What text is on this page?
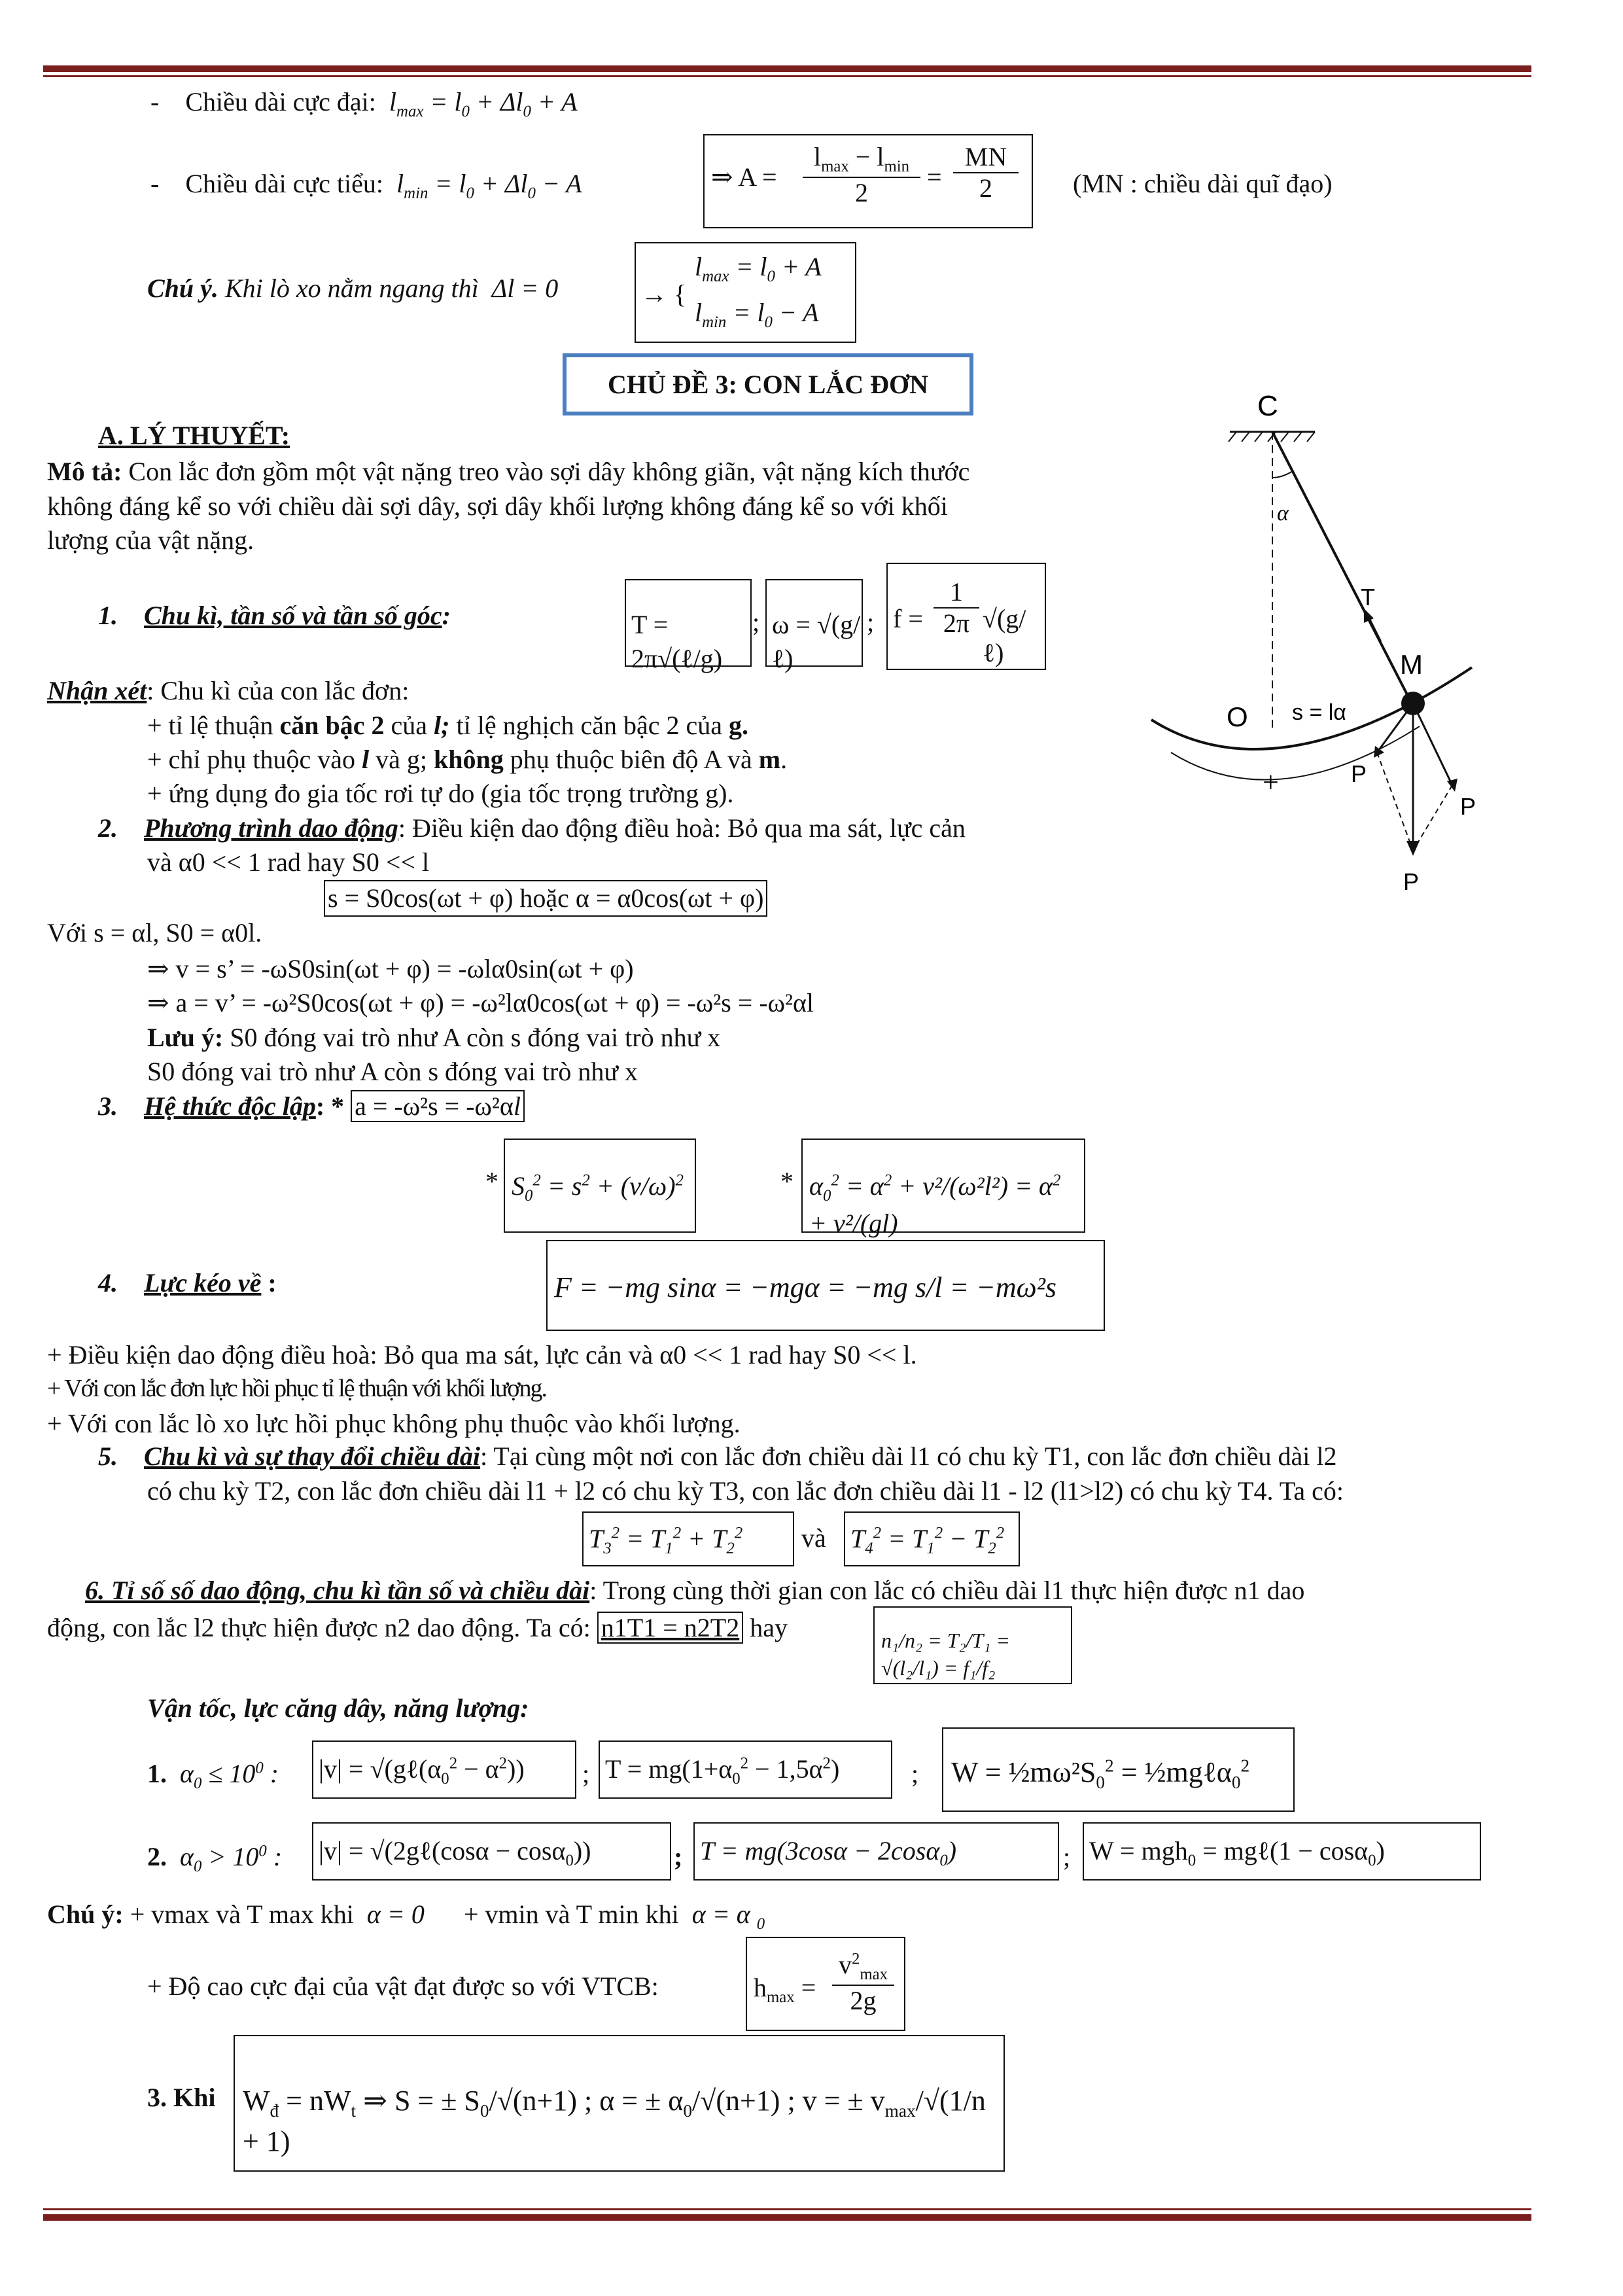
-    Chiều dài cực đại:  $l_{max} = l_0 + \Delta l_0 + A$
-    Chiều dài cực tiểu:  $l_{min} = l_0 + \Delta l_0 - A$	⇒ A =
$l_{max} - l_{min}$
2
= $\frac{MN}{2} (MN$ : chiều dài quĩ đạo)
Chú ý. Khi lò xo nằm ngang thì  Δl = 0	→ {
$l_{max} = l_0 + A$
$l_{min} = l_0 - A$
CHỦ ĐỀ 3: CON LẮC ĐƠN
A. LÝ THUYẾT:
Mô tả: Con lắc đơn gồm một vật nặng treo vào sợi dây không giãn, vật nặng kích thước
không đáng kể so với chiều dài sợi dây, sợi dây khối lượng không đáng kể so với khối
lượng của vật nặng.
1. Chu kì, tần số và tần số góc:	T = 2π√(ℓ/g)
; ω = √(g/ℓ)
; $f = \frac{1}{2\pi}$ √(g/ℓ)
Nhận xét: Chu kì của con lắc đơn:
+ tỉ lệ thuận căn bậc 2 của l; tỉ lệ nghịch căn bậc 2 của g.
+ chỉ phụ thuộc vào l và g; không phụ thuộc biên độ A và m.
+ ứng dụng đo gia tốc rơi tự do (gia tốc trọng trường g).
2. Phương trình dao động: Điều kiện dao động điều hoà: Bỏ qua ma sát, lực cản
và α0 << 1 rad hay S0 << l
s = S0cos(ωt + φ) hoặc α = α0cos(ωt + φ)
Với s = αl, S0 = α0l.
⇒ v = s’ = -ωS0sin(ωt + φ) = -ωlα0sin(ωt + φ)
⇒ a = v’ = -ω²S0cos(ωt + φ) = -ω²lα0cos(ωt + φ) = -ω²s = -ω²αl
Lưu ý: S0 đóng vai trò như A còn s đóng vai trò như x
S0 đóng vai trò như A còn s đóng vai trò như x
3. Hệ thức độc lập: * a = -ω²s = -ω²αl
* $S_0^2 = s^2 + (v/\omega)^2$	* $\alpha_0^2 = \alpha^2 + v^2/(\omega^2l^2) = \alpha^2 + v^2/(gl)$
4. Lực kéo về :	F = −mg sinα = −mgα = −mg s/l = −mω²s
+ Điều kiện dao động điều hoà: Bỏ qua ma sát, lực cản và α0 << 1 rad hay S0 << l.
+ Với con lắc đơn lực hồi phục tỉ lệ thuận với khối lượng.
+ Với con lắc lò xo lực hồi phục không phụ thuộc vào khối lượng.
5. Chu kì và sự thay đổi chiều dài: Tại cùng một nơi con lắc đơn chiều dài l1 có chu kỳ T1, con lắc đơn chiều dài l2
có chu kỳ T2, con lắc đơn chiều dài l1 + l2 có chu kỳ T3, con lắc đơn chiều dài l1 - l2 (l1>l2) có chu kỳ T4. Ta có:
$T_3^2 = T_1^2 + T_2^2$ và $T_4^2 = T_1^2 - T_2^2$
6. Tỉ số số dao động, chu kì tần số và chiều dài: Trong cùng thời gian con lắc có chiều dài l1 thực hiện được n1 dao
động, con lắc l2 thực hiện được n2 dao động. Ta có: n1T1 = n2T2 hay	n₁/n₂ = T₂/T₁ = √(l₂/l₁) = f₁/f₂
Vận tốc, lực căng dây, năng lượng:
1.  $\alpha_0 \le 10^0$ : $|v| = √(g\ell(\alpha_0^2 - \alpha^2))$ ; $T = mg(1+\alpha_0^2 - 1,5\alpha^2)$	; $W = \frac{1}{2}m\omega^2S_0^2$ = ½mgℓα$_0^2$
2.  $\alpha_0 > 10^0$ : |v| = √(2gℓ(cosα − cosα$_0$))	; T = mg(3cosα − 2cosα$_0$)	; W = mgh$_0$ = mgℓ(1 − cosα$_0$)
Chú ý: + vmax và T max khi  α = 0 + vmin và T min khi  α = α $_0$
+ Độ cao cực đại của vật đạt được so với VTCB:	$h_{max}$ =
$v^2_{max}$
2g
3. Khi $W_đ = nW_t$ ⇒ S = ± $S_0/√(n+1)$ ; α = ± $\alpha_0/√(n+1)$ ; v = ± $v_{max}/√(1/n + 1)$
C
α
T
M
O s = lα
+
P
P
P
